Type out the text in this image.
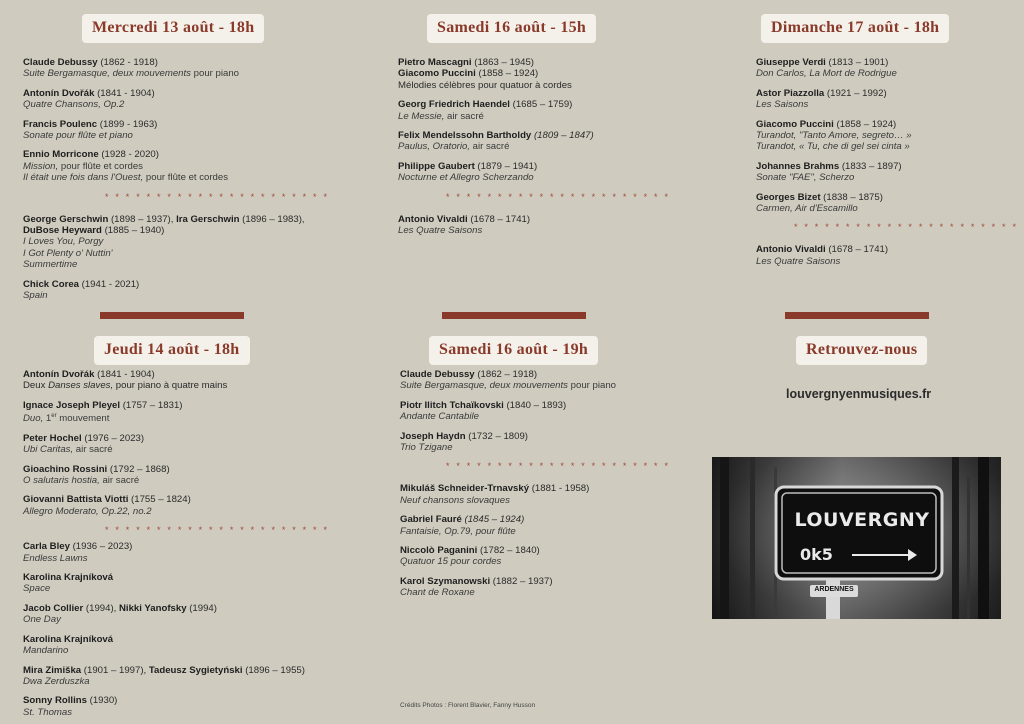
Mercredi 13 août - 18h
Claude Debussy (1862 - 1918)
Suite Bergamasque, deux mouvements pour piano
Antonín Dvořák (1841 - 1904)
Quatre Chansons, Op.2
Francis Poulenc (1899 - 1963)
Sonate pour flûte et piano
Ennio Morricone (1928 - 2020)
Mission, pour flûte et cordes
Il était une fois dans l'Ouest, pour flûte et cordes
* * * * * * * * * * * * * * * * * * * * * *
George Gerschwin (1898 – 1937), Ira Gerschwin (1896 – 1983),
DuBose Heyward (1885 – 1940)
I Loves You, Porgy
I Got Plenty o' Nuttin'
Summertime
Chick Corea (1941 - 2021)
Spain
Samedi 16 août - 15h
Pietro Mascagni (1863 – 1945)
Giacomo Puccini (1858 – 1924)
Mélodies célèbres pour quatuor à cordes
Georg Friedrich Haendel (1685 – 1759)
Le Messie, air sacré
Felix Mendelssohn Bartholdy (1809 – 1847)
Paulus, Oratorio, air sacré
Philippe Gaubert (1879 – 1941)
Nocturne et Allegro Scherzando
* * * * * * * * * * * * * * * * * * * * * *
Antonio Vivaldi (1678 – 1741)
Les Quatre Saisons
Dimanche 17 août - 18h
Giuseppe Verdi (1813 – 1901)
Don Carlos, La Mort de Rodrigue
Astor Piazzolla (1921 – 1992)
Les Saisons
Giacomo Puccini (1858 – 1924)
Turandot, "Tanto Amore, segreto… »
Turandot, « Tu, che di gel sei cinta »
Johannes Brahms (1833 – 1897)
Sonate "FAE", Scherzo
Georges Bizet (1838 – 1875)
Carmen, Air d'Escamillo
* * * * * * * * * * * * * * * * * * * * * *
Antonio Vivaldi (1678 – 1741)
Les Quatre Saisons
Jeudi 14 août - 18h
Antonín Dvořák (1841 - 1904)
Deux Danses slaves, pour piano à quatre mains
Ignace Joseph Pleyel (1757 – 1831)
Duo, 1er mouvement
Peter Hochel (1976 – 2023)
Ubi Caritas, air sacré
Gioachino Rossini (1792 – 1868)
O salutaris hostia, air sacré
Giovanni Battista Viotti (1755 – 1824)
Allegro Moderato, Op.22, no.2
* * * * * * * * * * * * * * * * * * * * * *
Carla Bley (1936 – 2023)
Endless Lawns
Karolina Krajníková
Space
Jacob Collier (1994), Nikki Yanofsky (1994)
One Day
Karolina Krajníková
Mandarino
Mira Zimiška (1901 – 1997), Tadeusz Sygietyński (1896 – 1955)
Dwa Zerduszka
Sonny Rollins (1930)
St. Thomas
Samedi 16 août - 19h
Claude Debussy (1862 – 1918)
Suite Bergamasque, deux mouvements pour piano
Piotr Ilitch Tchaïkovski (1840 – 1893)
Andante Cantabile
Joseph Haydn (1732 – 1809)
Trio Tzigane
* * * * * * * * * * * * * * * * * * * * * *
Mikuláš Schneider-Trnavský (1881 - 1958)
Neuf chansons slovaques
Gabriel Fauré (1845 – 1924)
Fantaisie, Op.79, pour flûte
Niccolò Paganini (1782 – 1840)
Quatuor 15 pour cordes
Karol Szymanowski (1882 – 1937)
Chant de Roxane
Crédits Photos : Florent Blavier, Fanny Husson
Retrouvez-nous
louvergnyenmusiques.fr
LOUVERGNY
0k5
ARDENNES
